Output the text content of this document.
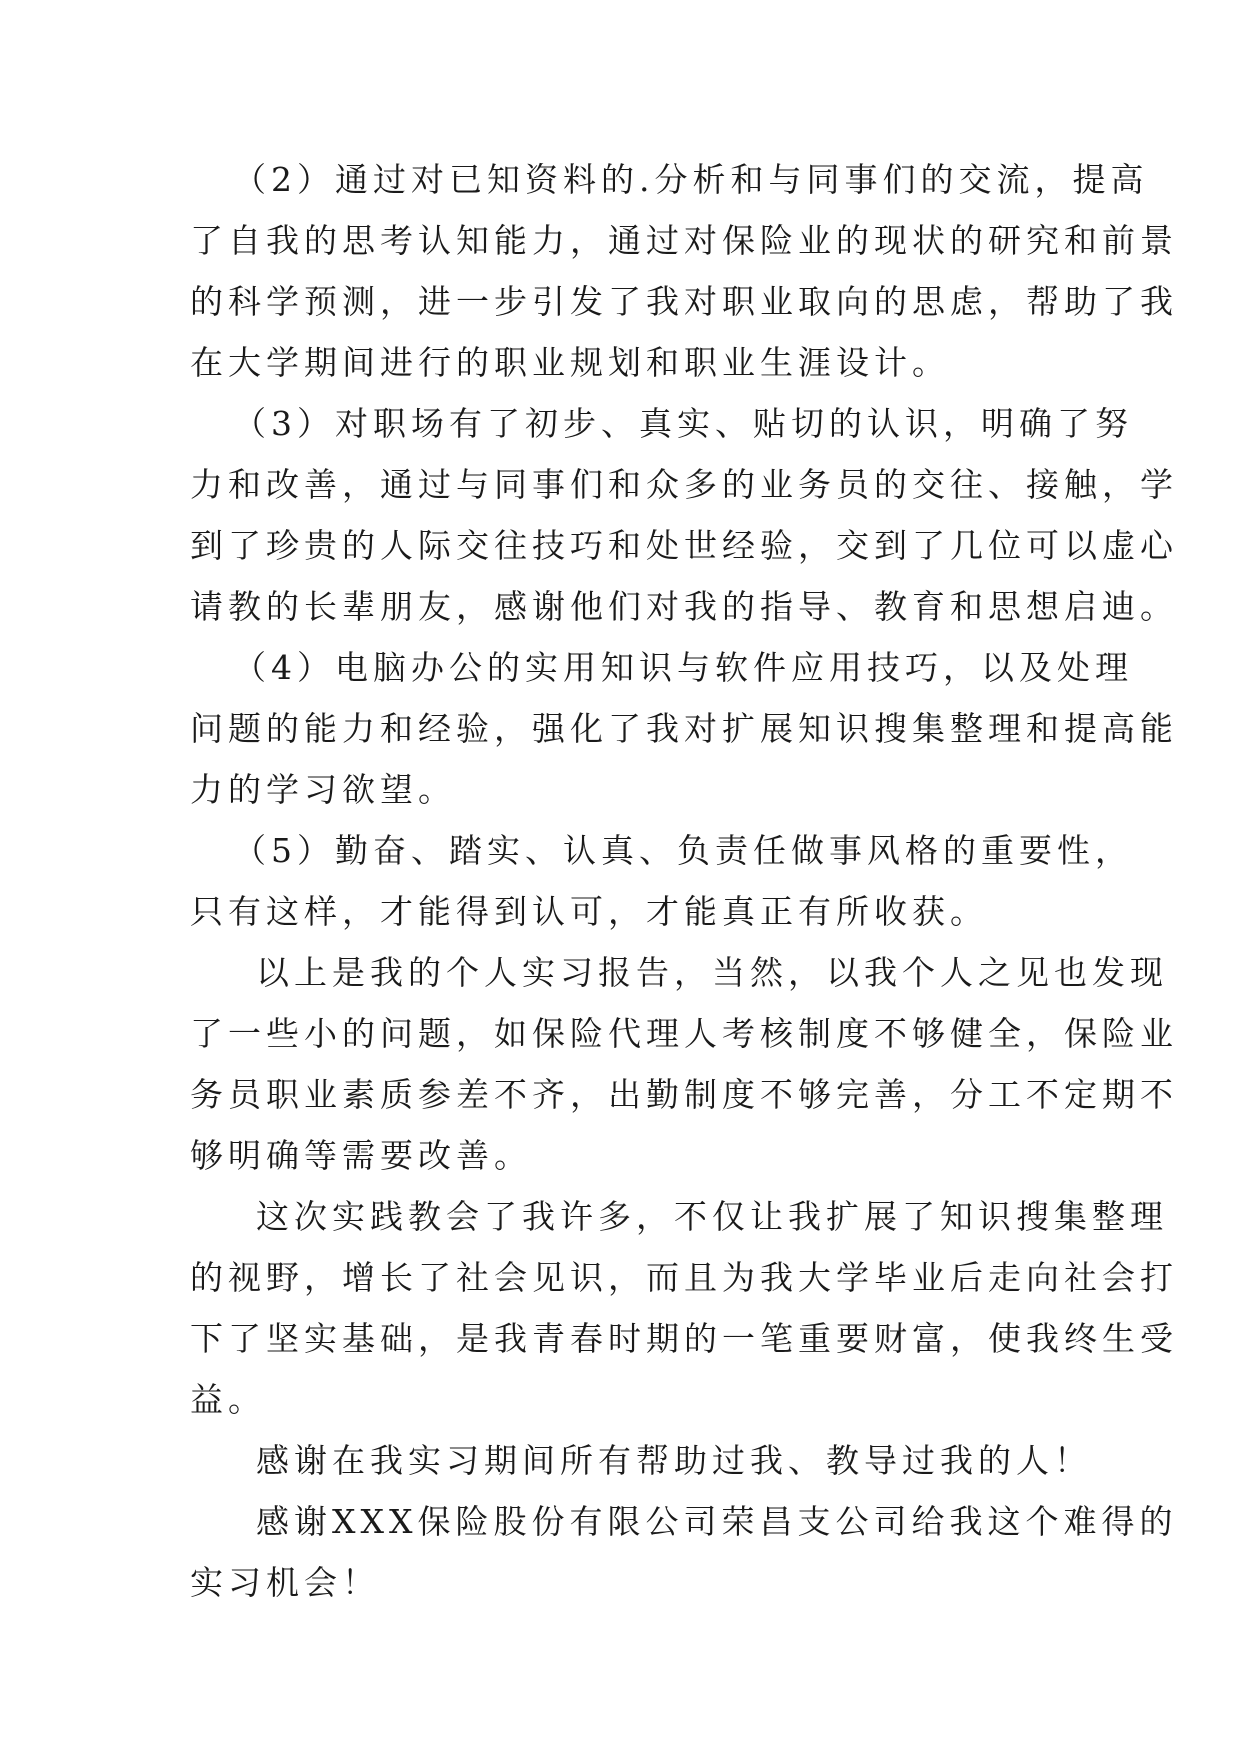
（2）通过对已知资料的.分析和与同事们的交流，提高
了自我的思考认知能力，通过对保险业的现状的研究和前景
的科学预测，进一步引发了我对职业取向的思虑，帮助了我
在大学期间进行的职业规划和职业生涯设计。
（3）对职场有了初步、真实、贴切的认识，明确了努
力和改善，通过与同事们和众多的业务员的交往、接触，学
到了珍贵的人际交往技巧和处世经验，交到了几位可以虚心
请教的长辈朋友，感谢他们对我的指导、教育和思想启迪。
（4）电脑办公的实用知识与软件应用技巧，以及处理
问题的能力和经验，强化了我对扩展知识搜集整理和提高能
力的学习欲望。
（5）勤奋、踏实、认真、负责任做事风格的重要性，
只有这样，才能得到认可，才能真正有所收获。
以上是我的个人实习报告，当然，以我个人之见也发现
了一些小的问题，如保险代理人考核制度不够健全，保险业
务员职业素质参差不齐，出勤制度不够完善，分工不定期不
够明确等需要改善。
这次实践教会了我许多，不仅让我扩展了知识搜集整理
的视野，增长了社会见识，而且为我大学毕业后走向社会打
下了坚实基础，是我青春时期的一笔重要财富，使我终生受
益。
感谢在我实习期间所有帮助过我、教导过我的人！
感谢XXX保险股份有限公司荣昌支公司给我这个难得的
实习机会！
